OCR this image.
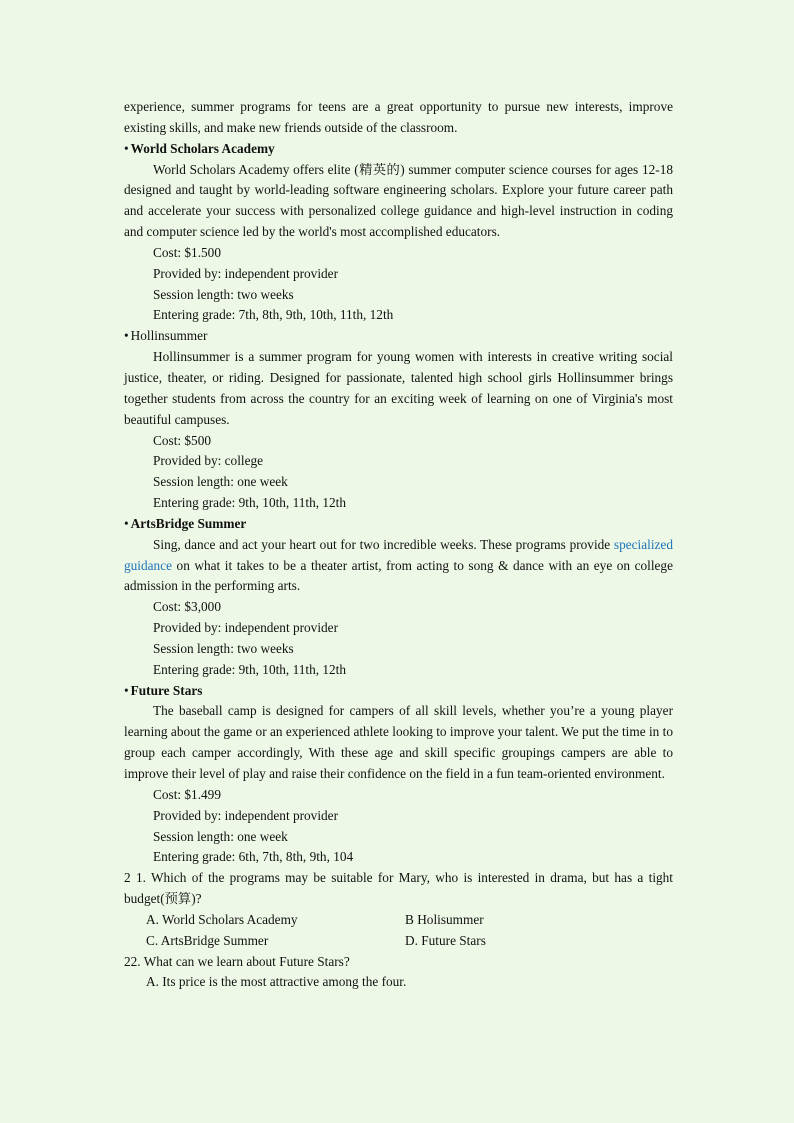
experience, summer programs for teens are a great opportunity to pursue new interests, improve existing skills, and make new friends outside of the classroom.

• World Scholars Academy

World Scholars Academy offers elite (精英的) summer computer science courses for ages 12-18 designed and taught by world-leading software engineering scholars. Explore your future career path and accelerate your success with personalized college guidance and high-level instruction in coding and computer science led by the world's most accomplished educators.

Cost: $1.500

Provided by: independent provider

Session length: two weeks

Entering grade: 7th, 8th, 9th, 10th, 11th, 12th

• Hollinsummer

Hollinsummer is a summer program for young women with interests in creative writing social justice, theater, or riding. Designed for passionate, talented high school girls Hollinsummer brings together students from across the country for an exciting week of learning on one of Virginia's most beautiful campuses.

Cost: $500

Provided by: college

Session length: one week

Entering grade: 9th, 10th, 11th, 12th

• ArtsBridge Summer

Sing, dance and act your heart out for two incredible weeks. These programs provide specialized guidance on what it takes to be a theater artist, from acting to song & dance with an eye on college admission in the performing arts.

Cost: $3,000

Provided by: independent provider

Session length: two weeks

Entering grade: 9th, 10th, 11th, 12th

• Future Stars

The baseball camp is designed for campers of all skill levels, whether you’re a young player learning about the game or an experienced athlete looking to improve your talent. We put the time in to group each camper accordingly, With these age and skill specific groupings campers are able to improve their level of play and raise their confidence on the field in a fun team-oriented environment.

Cost: $1.499

Provided by: independent provider

Session length: one week

Entering grade: 6th, 7th, 8th, 9th, 104

2 1. Which of the programs may be suitable for Mary, who is interested in drama, but has a tight budget(预算)?

A. World Scholars Academy	B Holisummer
C. ArtsBridge Summer	D. Future Stars

22. What can we learn about Future Stars?

A. Its price is the most attractive among the four.
